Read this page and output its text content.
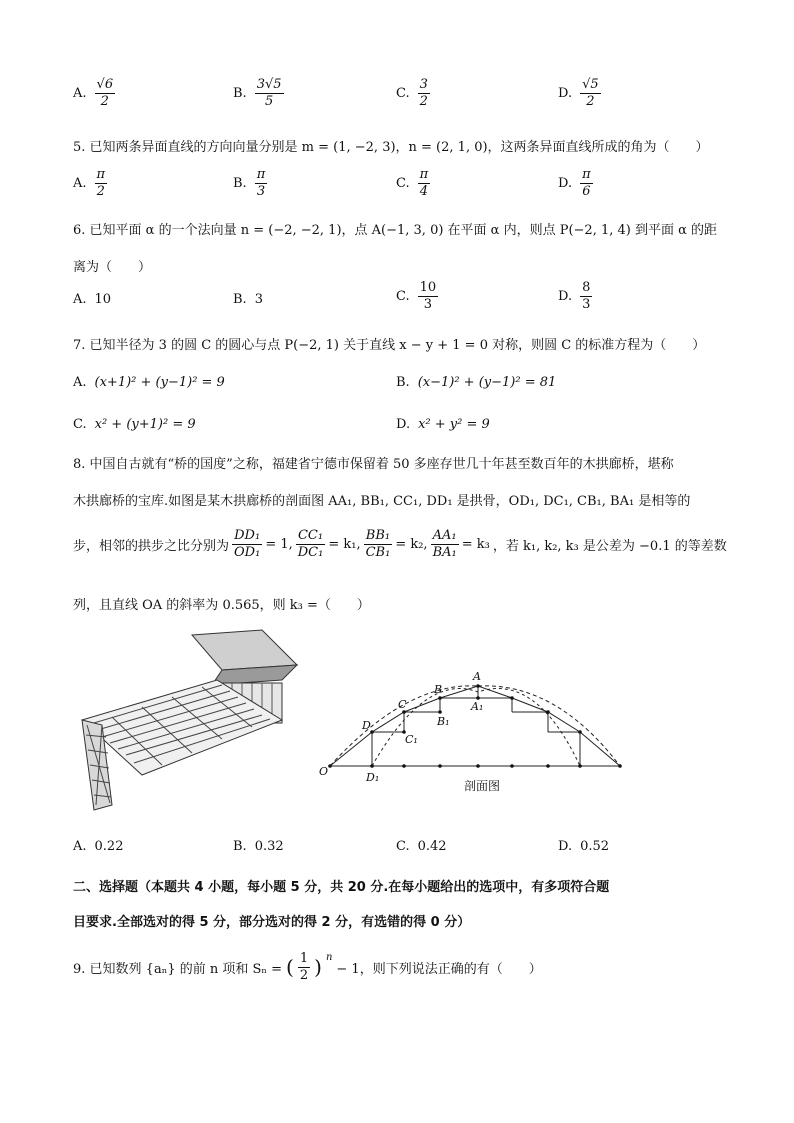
A. $\frac{√6}{2}$	B. $\frac{3√5}{5}$	C. $\frac{3}{2}$	D. $\frac{√5}{2}$
5. 已知两条异面直线的方向向量分别是 m = (1, −2, 3)，n = (2, 1, 0)，这两条异面直线所成的角为（　　）
A. $\frac{\pi}{2}$	B. $\frac{\pi}{3}$	C. $\frac{\pi}{4}$	D. $\frac{\pi}{6}$
6. 已知平面 α 的一个法向量 n = (−2, −2, 1)，点 A(−1, 3, 0) 在平面 α 内，则点 P(−2, 1, 4) 到平面 α 的距
离为（　　）
A. 10	B. 3	C. $\frac{10}{3}$	D. $\frac{8}{3}$
7. 已知半径为 3 的圆 C 的圆心与点 P(−2, 1) 关于直线 x − y + 1 = 0 对称，则圆 C 的标准方程为（　　）
A. (x+1)² + (y−1)² = 9	B. (x−1)² + (y−1)² = 81
C. x² + (y+1)² = 9	D. x² + y² = 9
8. 中国自古就有“桥的国度”之称，福建省宁德市保留着 50 多座存世几十年甚至数百年的木拱廊桥，堪称
木拱廊桥的宝库.如图是某木拱廊桥的剖面图 AA₁, BB₁, CC₁, DD₁ 是拱骨，OD₁, DC₁, CB₁, BA₁ 是相等的
步，相邻的拱步之比分别为 $\frac{\text{DD₁}}{\text{OD₁}} = 1$, $\frac{\text{CC₁}}{\text{DC₁}} = k_1$, $\frac{\text{BB₁}}{\text{CB₁}} = k_2$, $\frac{\text{AA₁}}{\text{BA₁}} = k_3$ ，若 k₁, k₂, k₃ 是公差为 −0.1 的等差数
列，且直线 OA 的斜率为 0.565，则 k₃ =（　　）
A
B
C
D
O
A₁
B₁
C₁
D₁
剖面图
A. 0.22	B. 0.32	C. 0.42	D. 0.52
二、选择题（本题共 4 小题，每小题 5 分，共 20 分.在每小题给出的选项中，有多项符合题
目要求.全部选对的得 5 分，部分选对的得 2 分，有选错的得 0 分）
9. 已知数列 {aₙ} 的前 n 项和 Sₙ = ( $\frac{1}{2}$ ) $^n$
− 1，则下列说法正确的有（　　）
